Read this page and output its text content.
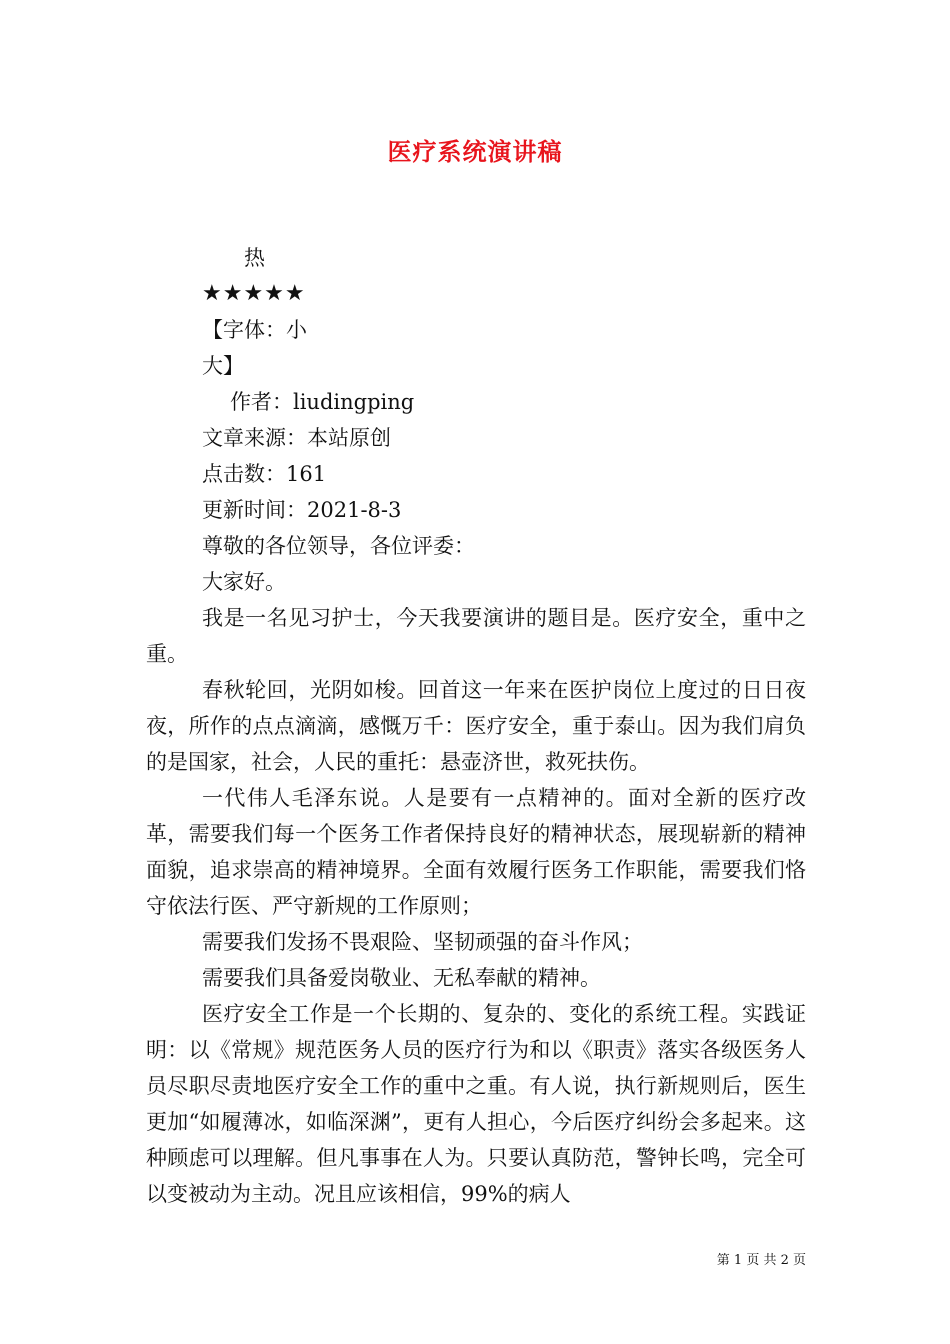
医疗系统演讲稿
热
★★★★★
【字体：小
大】
作者：liudingping
文章来源：本站原创
点击数：161
更新时间：2021-8-3
尊敬的各位领导，各位评委：
大家好。
我是一名见习护士，今天我要演讲的题目是。医疗安全，重中之重。
春秋轮回，光阴如梭。回首这一年来在医护岗位上度过的日日夜夜，所作的点点滴滴，感慨万千：医疗安全，重于泰山。因为我们肩负的是国家，社会，人民的重托：悬壶济世，救死扶伤。
一代伟人毛泽东说。人是要有一点精神的。面对全新的医疗改革，需要我们每一个医务工作者保持良好的精神状态，展现崭新的精神面貌，追求崇高的精神境界。全面有效履行医务工作职能，需要我们恪守依法行医、严守新规的工作原则；
需要我们发扬不畏艰险、坚韧顽强的奋斗作风；
需要我们具备爱岗敬业、无私奉献的精神。
医疗安全工作是一个长期的、复杂的、变化的系统工程。实践证明：以《常规》规范医务人员的医疗行为和以《职责》落实各级医务人员尽职尽责地医疗安全工作的重中之重。有人说，执行新规则后，医生更加“如履薄冰，如临深渊”，更有人担心，今后医疗纠纷会多起来。这种顾虑可以理解。但凡事事在人为。只要认真防范，警钟长鸣，完全可以变被动为主动。况且应该相信，99%的病人
第 1 页 共 2 页
